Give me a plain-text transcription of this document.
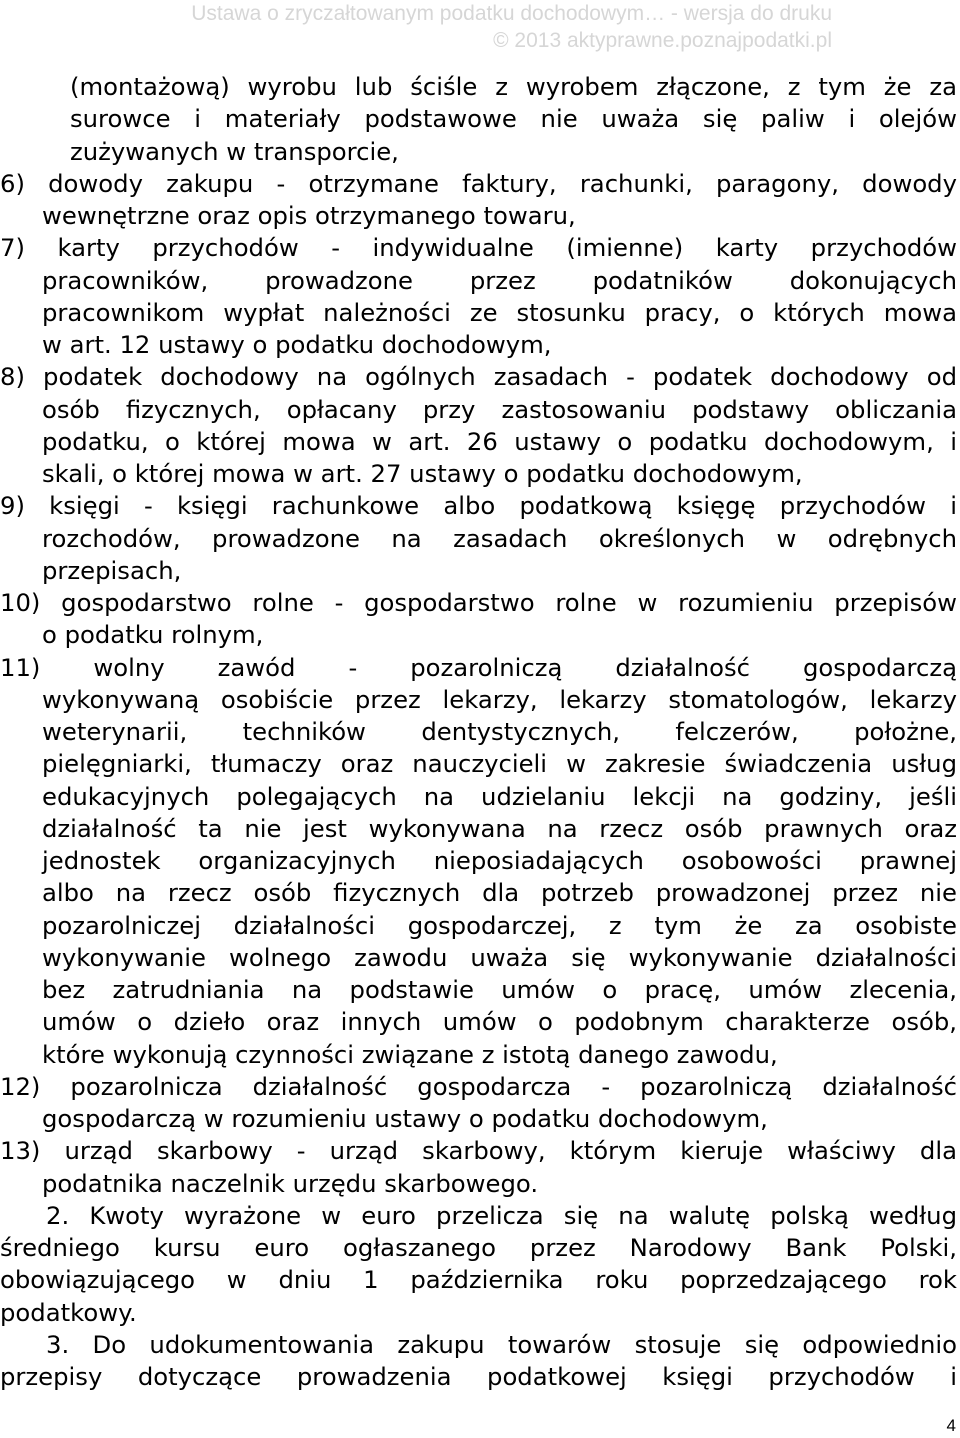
Ustawa o zryczałtowanym podatku dochodowym… - wersja do druku
© 2013 aktyprawne.poznajpodatki.pl
(montażową) wyrobu lub ściśle z wyrobem złączone, z tym że za
surowce i materiały podstawowe nie uważa się paliw i olejów
zużywanych w transporcie,
6) dowody zakupu - otrzymane faktury, rachunki, paragony, dowody
wewnętrzne oraz opis otrzymanego towaru,
7) karty przychodów - indywidualne (imienne) karty przychodów
pracowników, prowadzone przez podatników dokonujących
pracownikom wypłat należności ze stosunku pracy, o których mowa
w art. 12 ustawy o podatku dochodowym,
8) podatek dochodowy na ogólnych zasadach - podatek dochodowy od
osób fizycznych, opłacany przy zastosowaniu podstawy obliczania
podatku, o której mowa w art. 26 ustawy o podatku dochodowym, i
skali, o której mowa w art. 27 ustawy o podatku dochodowym,
9) księgi - księgi rachunkowe albo podatkową księgę przychodów i
rozchodów, prowadzone na zasadach określonych w odrębnych
przepisach,
10) gospodarstwo rolne - gospodarstwo rolne w rozumieniu przepisów
o podatku rolnym,
11) wolny zawód - pozarolniczą działalność gospodarczą
wykonywaną osobiście przez lekarzy, lekarzy stomatologów, lekarzy
weterynarii, techników dentystycznych, felczerów, położne,
pielęgniarki, tłumaczy oraz nauczycieli w zakresie świadczenia usług
edukacyjnych polegających na udzielaniu lekcji na godziny, jeśli
działalność ta nie jest wykonywana na rzecz osób prawnych oraz
jednostek organizacyjnych nieposiadających osobowości prawnej
albo na rzecz osób fizycznych dla potrzeb prowadzonej przez nie
pozarolniczej działalności gospodarczej, z tym że za osobiste
wykonywanie wolnego zawodu uważa się wykonywanie działalności
bez zatrudniania na podstawie umów o pracę, umów zlecenia,
umów o dzieło oraz innych umów o podobnym charakterze osób,
które wykonują czynności związane z istotą danego zawodu,
12) pozarolnicza działalność gospodarcza - pozarolniczą działalność
gospodarczą w rozumieniu ustawy o podatku dochodowym,
13) urząd skarbowy - urząd skarbowy, którym kieruje właściwy dla
podatnika naczelnik urzędu skarbowego.
2. Kwoty wyrażone w euro przelicza się na walutę polską według
średniego kursu euro ogłaszanego przez Narodowy Bank Polski,
obowiązującego w dniu 1 października roku poprzedzającego rok
podatkowy.
3. Do udokumentowania zakupu towarów stosuje się odpowiednio
przepisy dotyczące prowadzenia podatkowej księgi przychodów i
4
